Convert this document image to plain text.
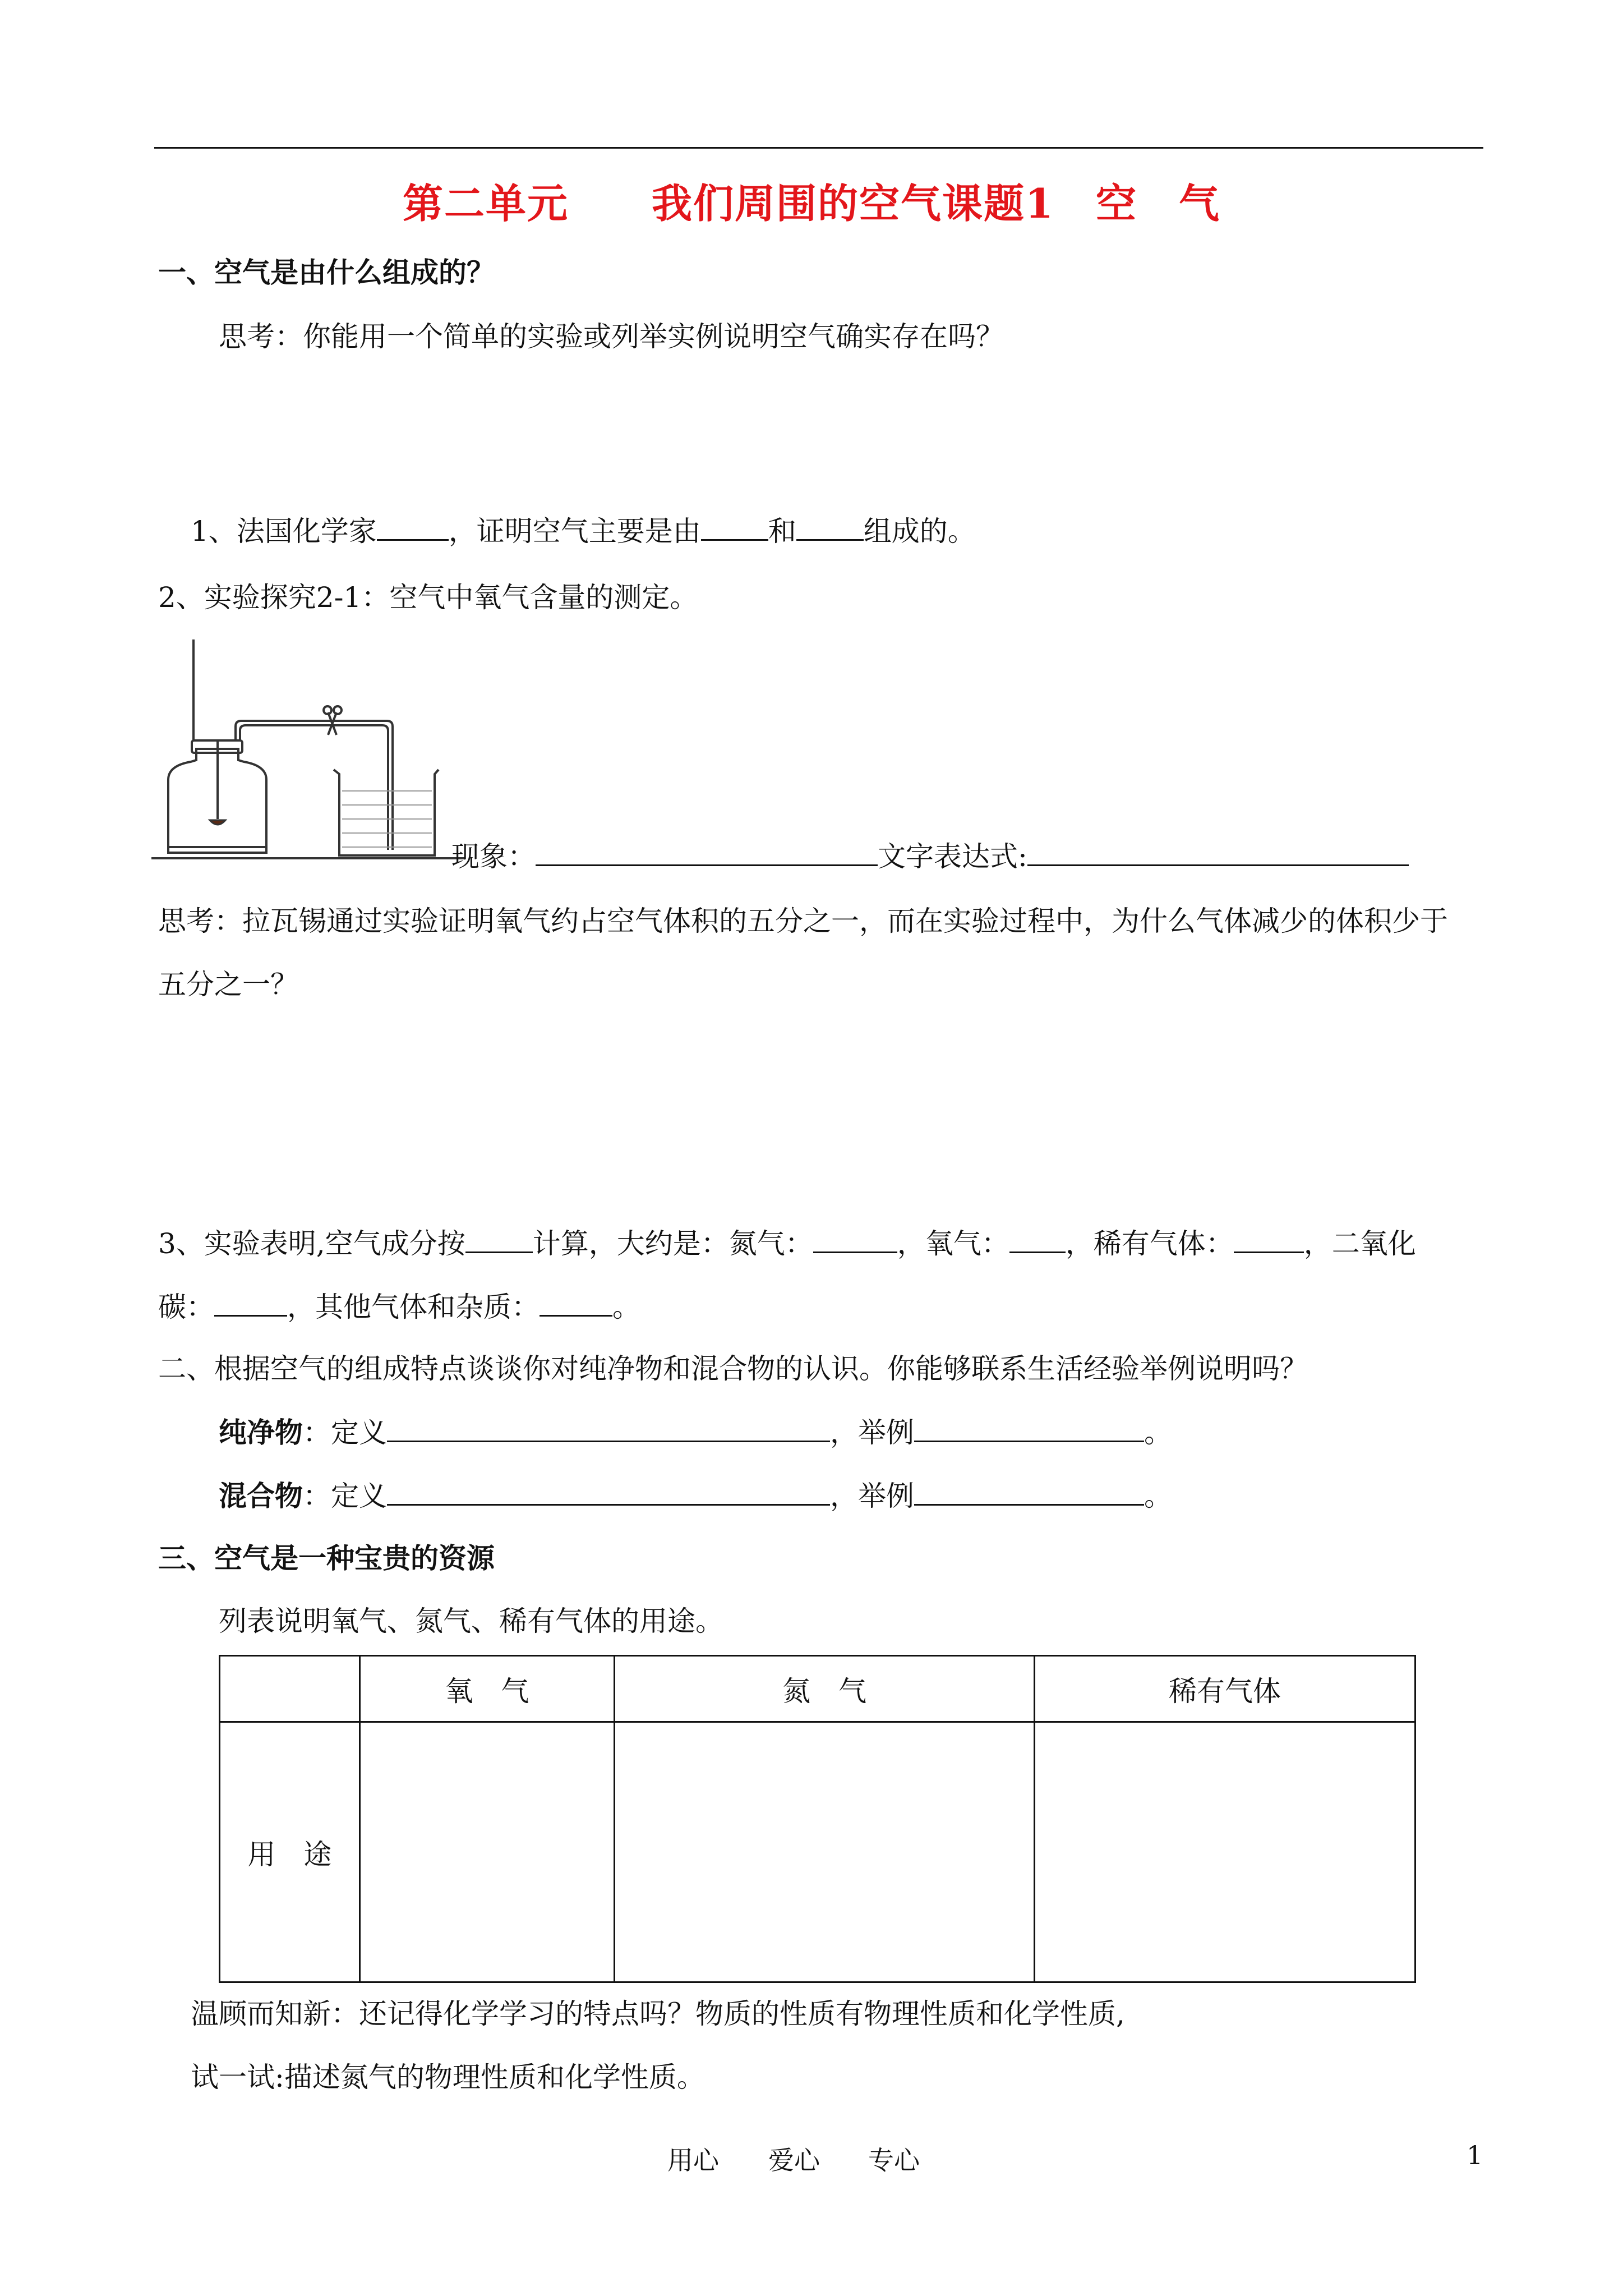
第二单元　　我们周围的空气课题1　空　气
一、空气是由什么组成的？
思考：你能用一个简单的实验或列举实例说明空气确实存在吗？
1、法国化学家	，证明空气主要是由 和 组成的。
2、实验探究2-1：空气中氧气含量的测定。
现象：	文字表达式:
思考：拉瓦锡通过实验证明氧气约占空气体积的五分之一，而在实验过程中，为什么气体减少的体积少于
五分之一？
3、实验表明,空气成分按 计算，大约是：氮气：	，氧气： ，稀有气体：	，二氧化
碳：	，其他气体和杂质：	。
二、根据空气的组成特点谈谈你对纯净物和混合物的认识。你能够联系生活经验举例说明吗？
纯净物：定义	，举例	。
混合物：定义	，举例	。
三、空气是一种宝贵的资源
列表说明氧气、氮气、稀有气体的用途。
	氧　气	氮　气	稀有气体
用　途			
温顾而知新：还记得化学学习的特点吗？物质的性质有物理性质和化学性质,
试一试:描述氮气的物理性质和化学性质。
用心 爱心 专心	1
